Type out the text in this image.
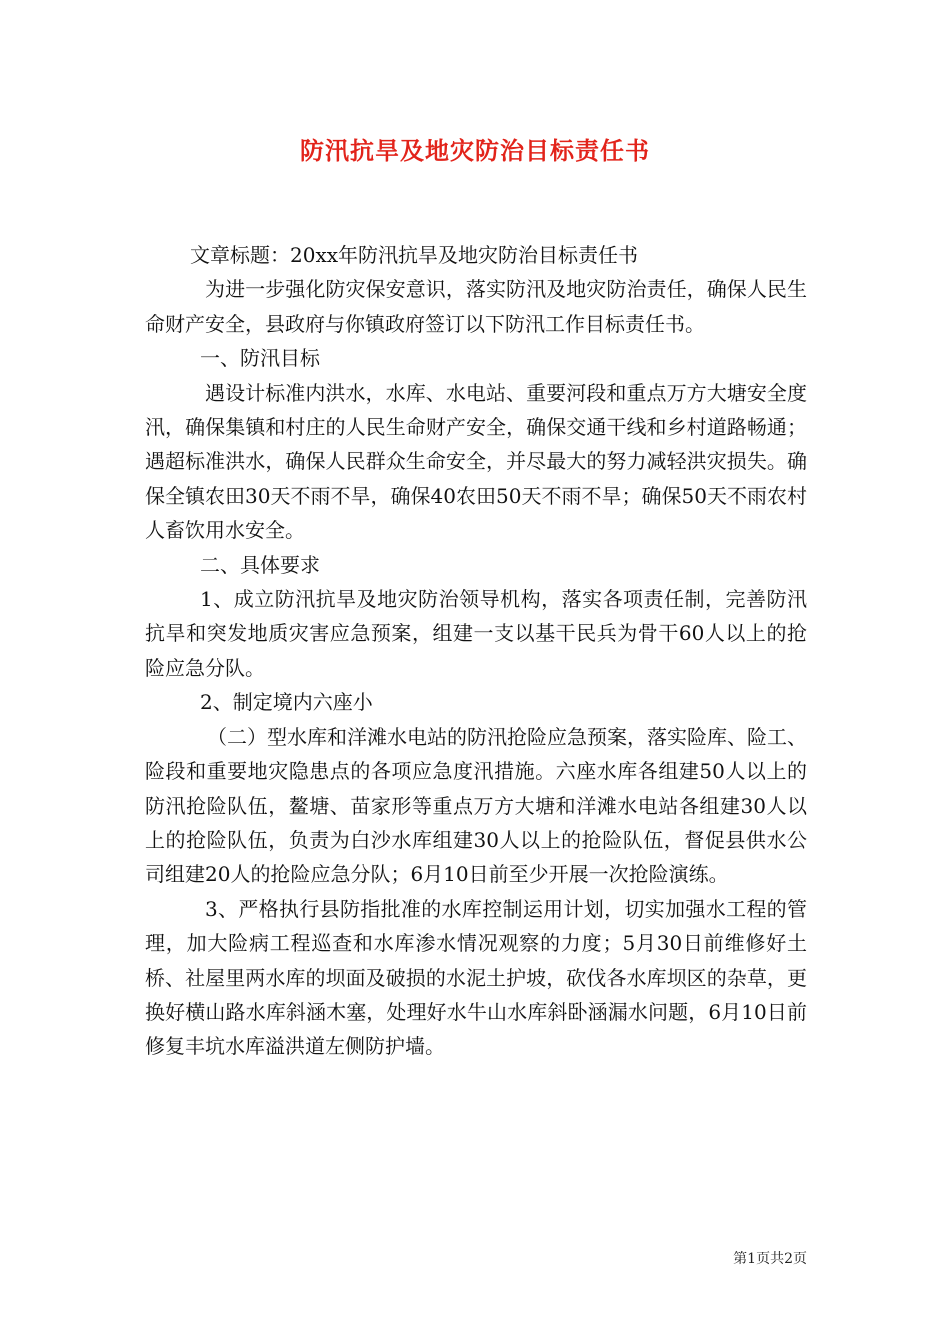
防汛抗旱及地灾防治目标责任书

文章标题：20xx年防汛抗旱及地灾防治目标责任书

为进一步强化防灾保安意识，落实防汛及地灾防治责任，确保人民生命财产安全，县政府与你镇政府签订以下防汛工作目标责任书。

一、防汛目标

遇设计标准内洪水，水库、水电站、重要河段和重点万方大塘安全度汛，确保集镇和村庄的人民生命财产安全，确保交通干线和乡村道路畅通；遇超标准洪水，确保人民群众生命安全，并尽最大的努力减轻洪灾损失。确保全镇农田30天不雨不旱，确保40农田50天不雨不旱；确保50天不雨农村人畜饮用水安全。

二、具体要求

1、成立防汛抗旱及地灾防治领导机构，落实各项责任制，完善防汛抗旱和突发地质灾害应急预案，组建一支以基干民兵为骨干60人以上的抢险应急分队。

2、制定境内六座小

（二）型水库和洋滩水电站的防汛抢险应急预案，落实险库、险工、险段和重要地灾隐患点的各项应急度汛措施。六座水库各组建50人以上的防汛抢险队伍，鳌塘、苗家形等重点万方大塘和洋滩水电站各组建30人以上的抢险队伍，负责为白沙水库组建30人以上的抢险队伍，督促县供水公司组建20人的抢险应急分队；6月10日前至少开展一次抢险演练。

3、严格执行县防指批准的水库控制运用计划，切实加强水工程的管理，加大险病工程巡查和水库渗水情况观察的力度；5月30日前维修好土桥、社屋里两水库的坝面及破损的水泥土护坡，砍伐各水库坝区的杂草，更换好横山路水库斜涵木塞，处理好水牛山水库斜卧涵漏水问题，6月10日前修复丰坑水库溢洪道左侧防护墙。

第1页共2页
